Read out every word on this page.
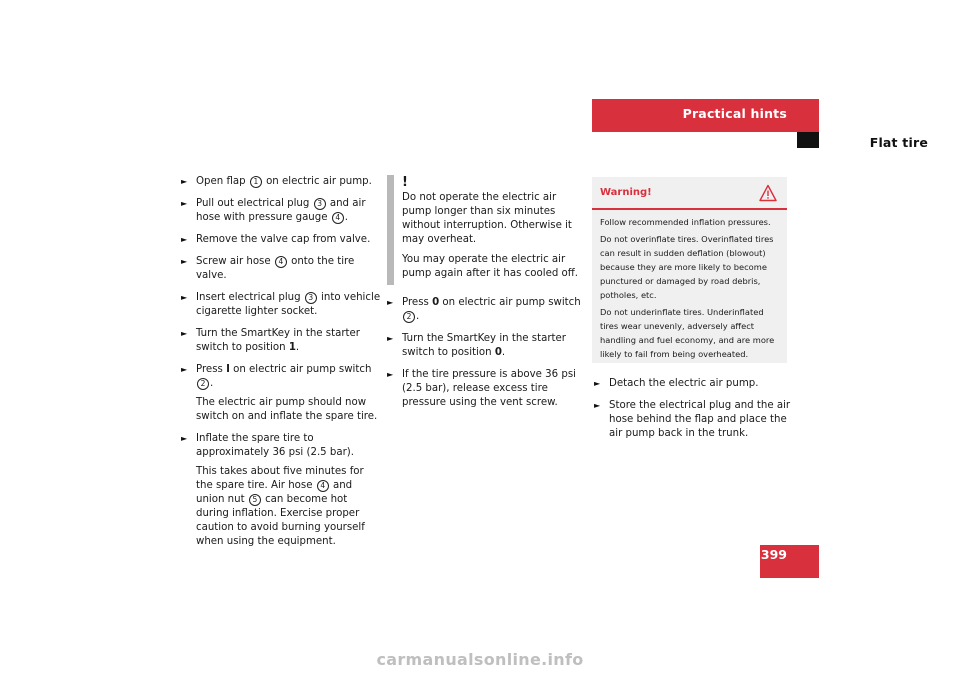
Practical hints
Flat tire
► Open flap 1 on electric air pump.
► Pull out electrical plug 3 and air hose with pressure gauge 4 .
► Remove the valve cap from valve.
► Screw air hose 4 onto the tire valve.
► Insert electrical plug 3 into vehicle cigarette lighter socket.
► Turn the SmartKey in the starter switch to position 1.
► Press I on electric air pump switch 2 .
The electric air pump should now switch on and inflate the spare tire.
► Inflate the spare tire to approximately 36 psi (2.5 bar).
This takes about five minutes for the spare tire. Air hose 4 and union nut 5 can become hot during inflation. Exercise proper caution to avoid burning yourself when using the equipment.
!

Do not operate the electric air pump longer than six minutes without interruption. Otherwise it may overheat.

You may operate the electric air pump again after it has cooled off.

► Press 0 on electric air pump switch 2 .
► Turn the SmartKey in the starter switch to position 0.
► If the tire pressure is above 36 psi (2.5 bar), release excess tire pressure using the vent screw.
Warning!

Follow recommended inflation pressures.

Do not overinflate tires. Overinflated tires can result in sudden deflation (blowout) because they are more likely to become punctured or damaged by road debris, potholes, etc.

Do not underinflate tires. Underinflated tires wear unevenly, adversely affect handling and fuel economy, and are more likely to fail from being overheated.

► Detach the electric air pump.
► Store the electrical plug and the air hose behind the flap and place the air pump back in the trunk.
399
carmanualsonline.info
